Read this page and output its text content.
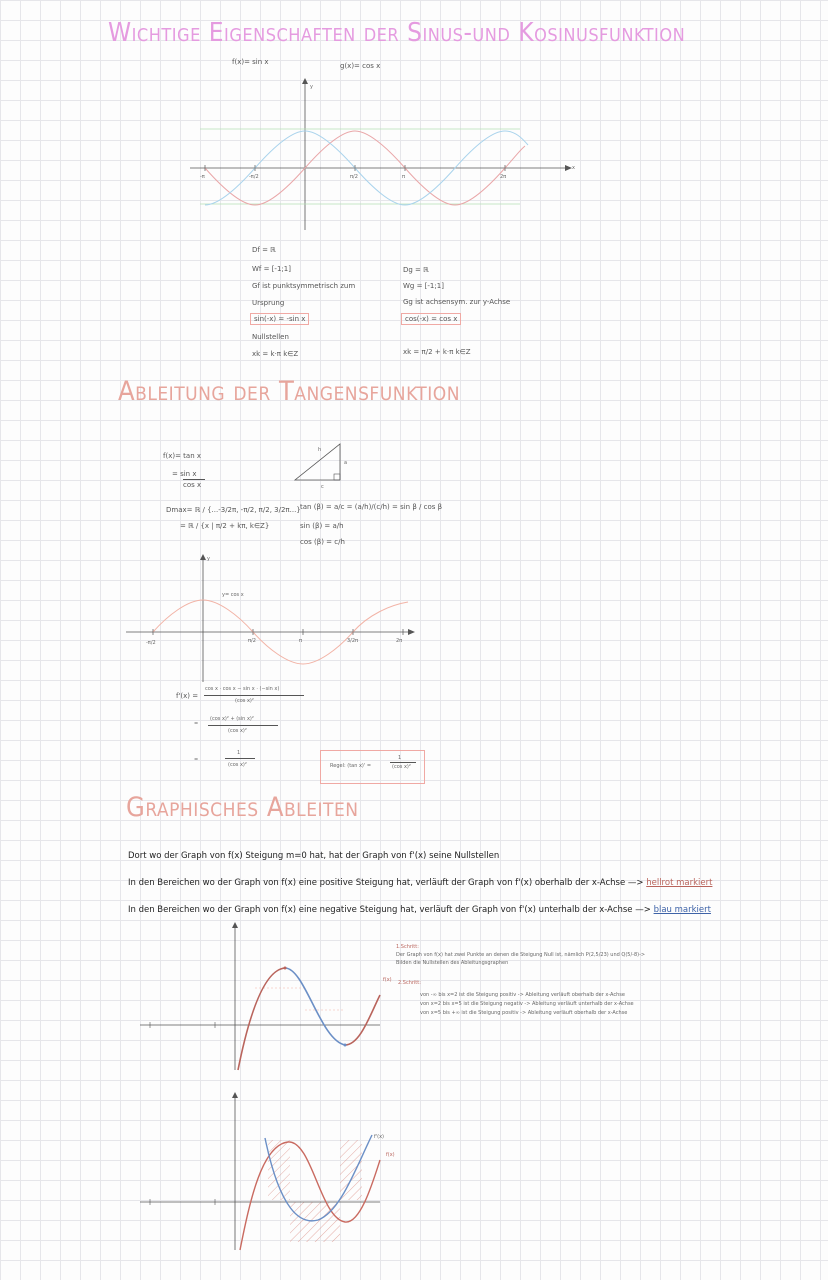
Wichtige Eigenschaften der Sinus-und Kosinusfunktion
f(x)= sin x	g(x)= cos x
y
x
-π	-π/2	π/2	π	2π
Df = ℝ
Wf = [-1;1]
Gf ist punktsymmetrisch zum
Ursprung
sin(-x) = -sin x
Nullstellen
xk = k·π k∈Z
Dg = ℝ
Wg = [-1;1]
Gg ist achsensym. zur y-Achse
cos(-x) = cos x
xk = π/2 + k·π k∈Z
Ableitung der Tangensfunktion
f(x)= tan x
= sin x
cos x
Dmax= ℝ / {...-3/2π, -π/2, π/2, 3/2π...}
= ℝ / {x | π/2 + kπ, k∈Z}
h
a
c
tan (β) = a/c = (a/h)/(c/h) = sin β / cos β
sin (β) = a/h
cos (β) = c/h
y
y= cos x
-π/2	π/2	π	3/2π	2π
f'(x) =
cos x · cos x − sin x · (−sin x)
(cos x)²
=
(cos x)² + (sin x)²
(cos x)²
=
1
(cos x)²	Regel: (tan x)' =
1
(cos x)²
Graphisches Ableiten
Dort wo der Graph von f(x) Steigung m=0 hat, hat der Graph von f'(x) seine Nullstellen
In den Bereichen wo der Graph von f(x) eine positive Steigung hat, verläuft der Graph von f'(x) oberhalb der x-Achse —> hellrot markiert
In den Bereichen wo der Graph von f(x) eine negative Steigung hat, verläuft der Graph von f'(x) unterhalb der x-Achse —> blau markiert
f(x)
1.Schritt:
Der Graph von f(x) hat zwei Punkte an denen die Steigung Null ist, nämlich P(2,5/23) und Q(5/-8)->
Bilden die Nullstellen des Ableitungsgraphen
2.Schritt:
von -∞ bis x=2 ist die Steigung positiv -> Ableitung verläuft oberhalb der x-Achse
von x=2 bis x=5 ist die Steigung negativ -> Ableitung verläuft unterhalb der x-Achse
von x=5 bis +∞ ist die Steigung positiv -> Ableitung verläuft oberhalb der x-Achse
f'(x)
f(x)
